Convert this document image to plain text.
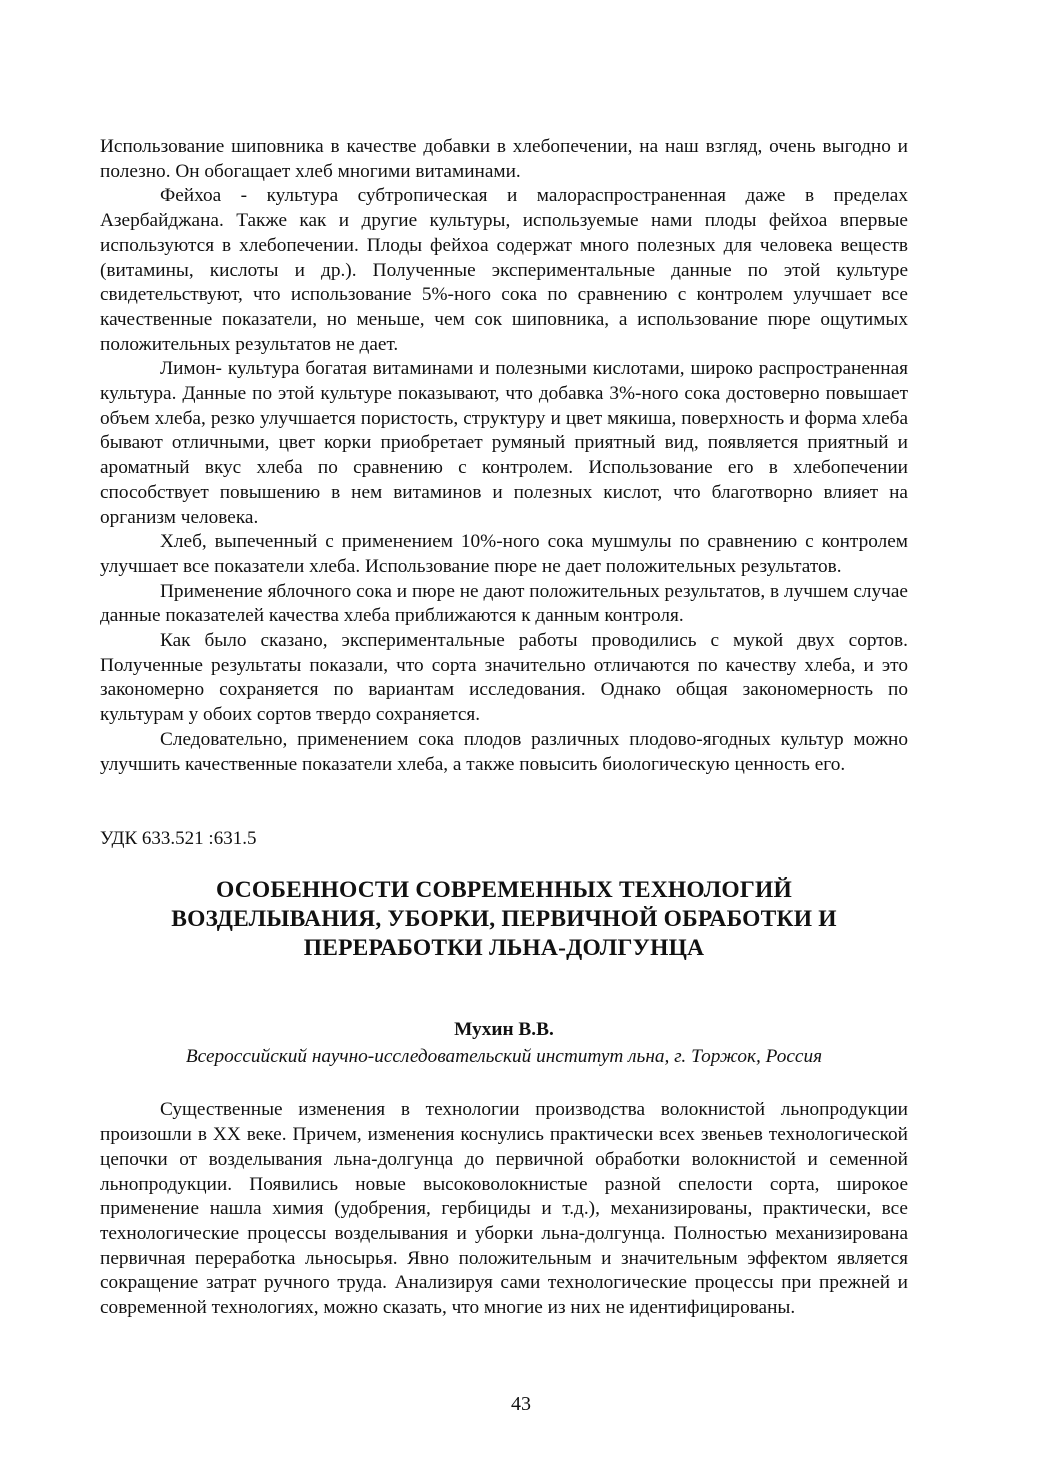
Использование шиповника в качестве добавки в хлебопечении, на наш взгляд, очень выгодно и полезно. Он обогащает хлеб многими витаминами.

Фейхоа - культура субтропическая и малораспространенная даже в пределах Азербайджана. Также как и другие культуры, используемые нами плоды фейхоа впервые используются в хлебопечении. Плоды фейхоа содержат много полезных для человека веществ (витамины, кислоты и др.). Полученные экспериментальные данные по этой культуре свидетельствуют, что использование 5%-ного сока по сравнению с контролем улучшает все качественные показатели, но меньше, чем сок шиповника, а использование пюре ощутимых положительных результатов не дает.

Лимон- культура богатая витаминами и полезными кислотами, широко распространенная культура. Данные по этой культуре показывают, что добавка 3%-ного сока достоверно повышает объем хлеба, резко улучшается пористость, структуру и цвет мякиша, поверхность и форма хлеба бывают отличными, цвет корки приобретает румяный приятный вид, появляется приятный и ароматный вкус хлеба по сравнению с контролем. Использование его в хлебопечении способствует повышению в нем витаминов и полезных кислот, что благотворно влияет на организм человека.

Хлеб, выпеченный с применением 10%-ного сока мушмулы по сравнению с контролем улучшает все показатели хлеба. Использование пюре не дает положительных результатов.

Применение яблочного сока и пюре не дают положительных результатов, в лучшем случае данные показателей качества хлеба приближаются к данным контроля.

Как было сказано, экспериментальные работы проводились с мукой двух сортов. Полученные результаты показали, что сорта значительно отличаются по качеству хлеба, и это закономерно сохраняется по вариантам исследования. Однако общая закономерность по культурам у обоих сортов твердо сохраняется.

Следовательно, применением сока плодов различных плодово-ягодных культур можно улучшить качественные показатели хлеба, а также повысить биологическую ценность его.

УДК 633.521 :631.5

ОСОБЕННОСТИ СОВРЕМЕННЫХ ТЕХНОЛОГИЙ
ВОЗДЕЛЫВАНИЯ, УБОРКИ, ПЕРВИЧНОЙ ОБРАБОТКИ И
ПЕРЕРАБОТКИ ЛЬНА-ДОЛГУНЦА
Мухин В.В.
Всероссийский научно-исследовательский институт льна, г. Торжок, Россия

Существенные изменения в технологии производства волокнистой льнопродукции произошли в XX веке. Причем, изменения коснулись практически всех звеньев технологической цепочки от возделывания льна-долгунца до первичной обработки волокнистой и семенной льнопродукции. Появились новые высоковолокнистые разной спелости сорта, широкое применение нашла химия (удобрения, гербициды и т.д.), механизированы, практически, все технологические процессы возделывания и уборки льна-долгунца. Полностью механизирована первичная переработка льносырья. Явно положительным и значительным эффектом является сокращение затрат ручного труда. Анализируя сами технологические процессы при прежней и современной технологиях, можно сказать, что многие из них не идентифицированы.

43
